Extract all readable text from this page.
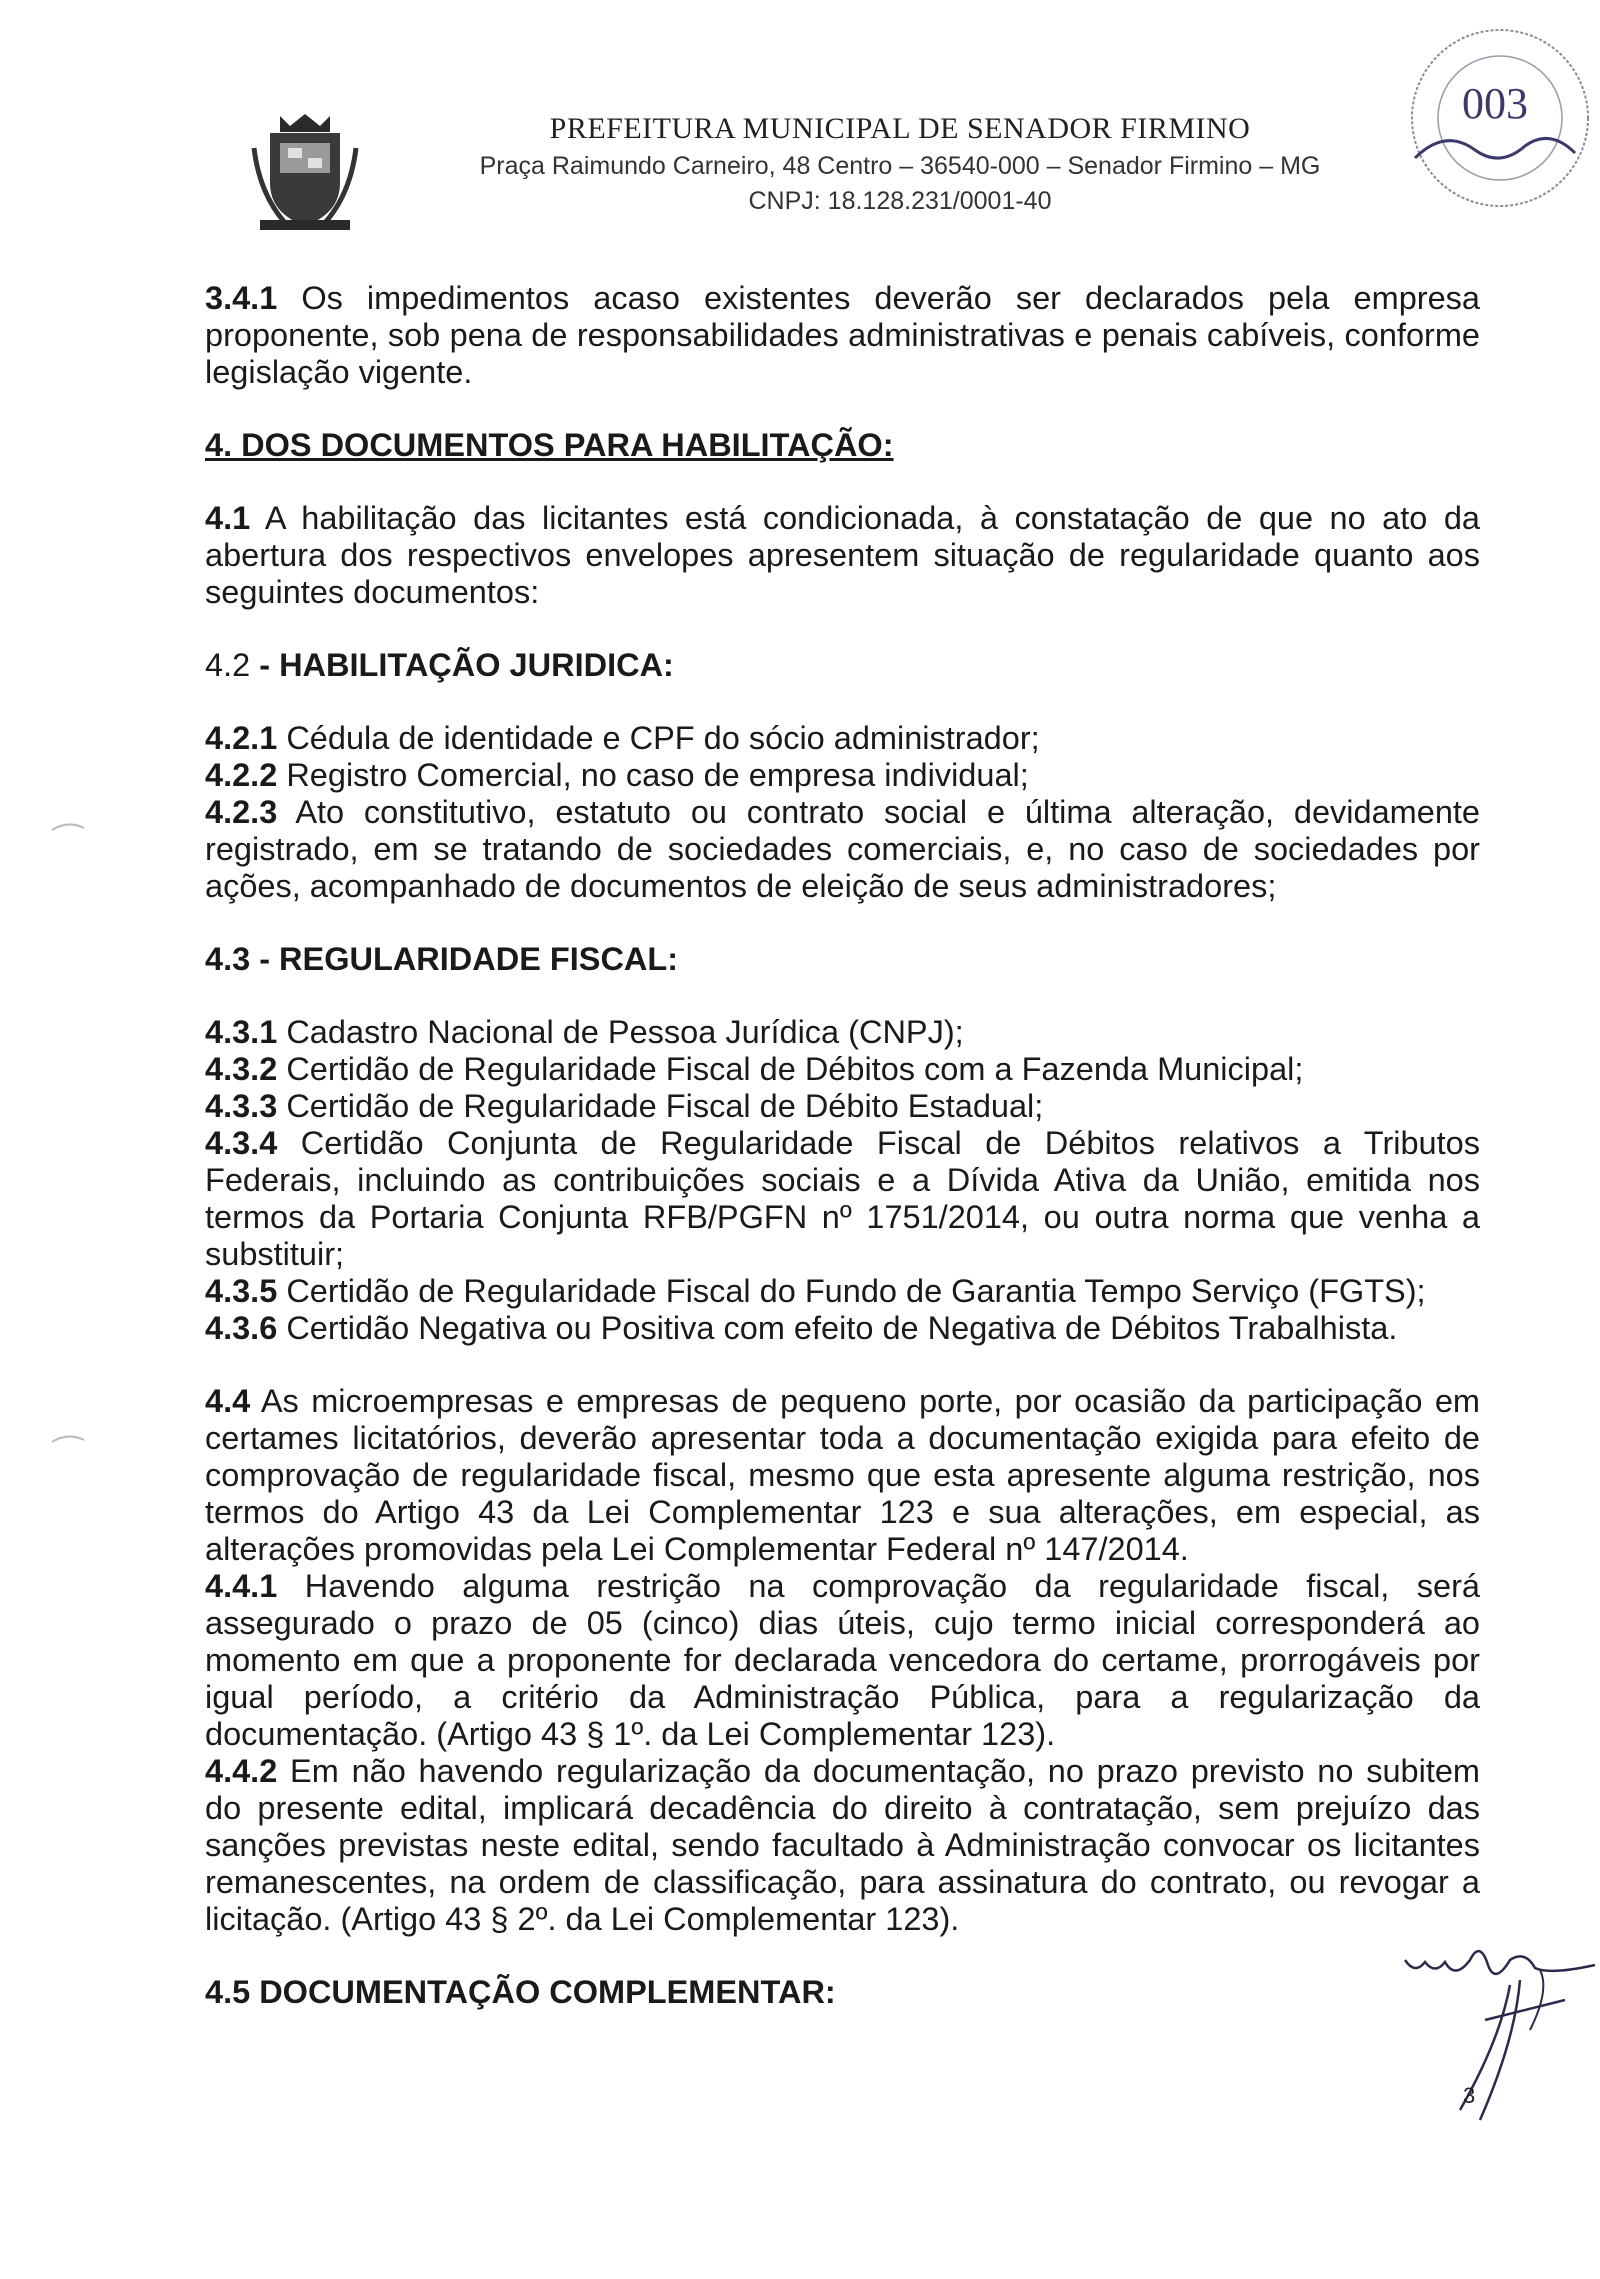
PREFEITURA MUNICIPAL DE SENADOR FIRMINO
Praça Raimundo Carneiro, 48 Centro – 36540-000 – Senador Firmino – MG
CNPJ: 18.128.231/0001-40
003

3.4.1 Os impedimentos acaso existentes deverão ser declarados pela empresa proponente, sob pena de responsabilidades administrativas e penais cabíveis, conforme legislação vigente.

4. DOS DOCUMENTOS PARA HABILITAÇÃO:

4.1 A habilitação das licitantes está condicionada, à constatação de que no ato da abertura dos respectivos envelopes apresentem situação de regularidade quanto aos seguintes documentos:

4.2 - HABILITAÇÃO JURIDICA:

4.2.1 Cédula de identidade e CPF do sócio administrador;

4.2.2 Registro Comercial, no caso de empresa individual;

4.2.3 Ato constitutivo, estatuto ou contrato social e última alteração, devidamente registrado, em se tratando de sociedades comerciais, e, no caso de sociedades por ações, acompanhado de documentos de eleição de seus administradores;

4.3 - REGULARIDADE FISCAL:

4.3.1 Cadastro Nacional de Pessoa Jurídica (CNPJ);

4.3.2 Certidão de Regularidade Fiscal de Débitos com a Fazenda Municipal;

4.3.3 Certidão de Regularidade Fiscal de Débito Estadual;

4.3.4 Certidão Conjunta de Regularidade Fiscal de Débitos relativos a Tributos Federais, incluindo as contribuições sociais e a Dívida Ativa da União, emitida nos termos da Portaria Conjunta RFB/PGFN nº 1751/2014, ou outra norma que venha a substituir;

4.3.5 Certidão de Regularidade Fiscal do Fundo de Garantia Tempo Serviço (FGTS);

4.3.6 Certidão Negativa ou Positiva com efeito de Negativa de Débitos Trabalhista.

4.4 As microempresas e empresas de pequeno porte, por ocasião da participação em certames licitatórios, deverão apresentar toda a documentação exigida para efeito de comprovação de regularidade fiscal, mesmo que esta apresente alguma restrição, nos termos do Artigo 43 da Lei Complementar 123 e sua alterações, em especial, as alterações promovidas pela Lei Complementar Federal nº 147/2014.

4.4.1 Havendo alguma restrição na comprovação da regularidade fiscal, será assegurado o prazo de 05 (cinco) dias úteis, cujo termo inicial corresponderá ao momento em que a proponente for declarada vencedora do certame, prorrogáveis por igual período, a critério da Administração Pública, para a regularização da documentação. (Artigo 43 § 1º. da Lei Complementar 123).

4.4.2 Em não havendo regularização da documentação, no prazo previsto no subitem do presente edital, implicará decadência do direito à contratação, sem prejuízo das sanções previstas neste edital, sendo facultado à Administração convocar os licitantes remanescentes, na ordem de classificação, para assinatura do contrato, ou revogar a licitação. (Artigo 43 § 2º. da Lei Complementar 123).

4.5 DOCUMENTAÇÃO COMPLEMENTAR:

3
